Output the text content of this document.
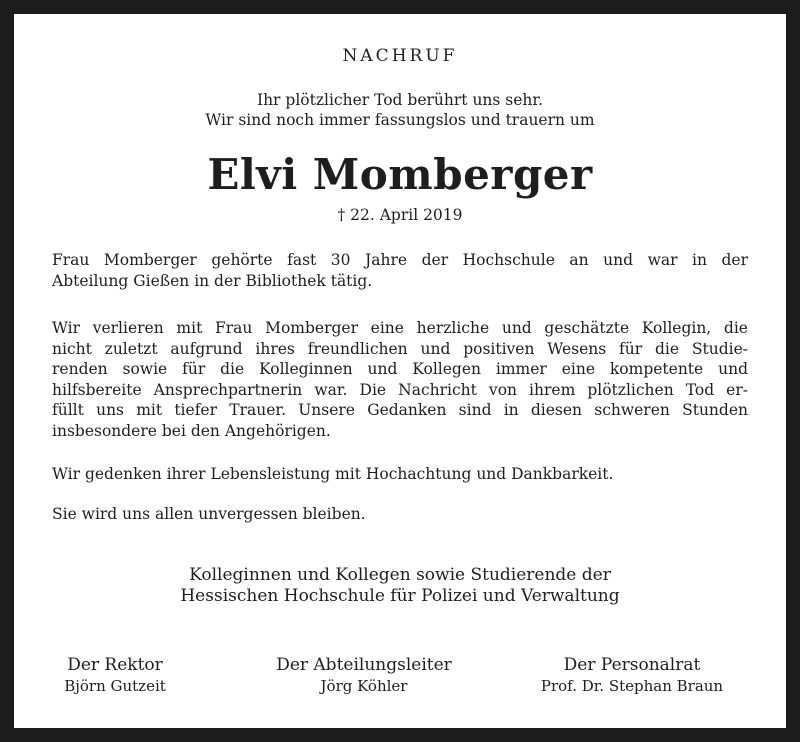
NACHRUF
Ihr plötzlicher Tod berührt uns sehr.
Wir sind noch immer fassungslos und trauern um
Elvi Momberger
† 22. April 2019
Frau Momberger gehörte fast 30 Jahre der Hochschule an und war in der
Abteilung Gießen in der Bibliothek tätig.
Wir verlieren mit Frau Momberger eine herzliche und geschätzte Kollegin, die
nicht zuletzt aufgrund ihres freundlichen und positiven Wesens für die Studie-
renden sowie für die Kolleginnen und Kollegen immer eine kompetente und
hilfsbereite Ansprechpartnerin war. Die Nachricht von ihrem plötzlichen Tod er-
füllt uns mit tiefer Trauer. Unsere Gedanken sind in diesen schweren Stunden
insbesondere bei den Angehörigen.
Wir gedenken ihrer Lebensleistung mit Hochachtung und Dankbarkeit.
Sie wird uns allen unvergessen bleiben.
Kolleginnen und Kollegen sowie Studierende der
Hessischen Hochschule für Polizei und Verwaltung
Der Rektor
Björn Gutzeit
Der Abteilungsleiter
Jörg Köhler
Der Personalrat
Prof. Dr. Stephan Braun
